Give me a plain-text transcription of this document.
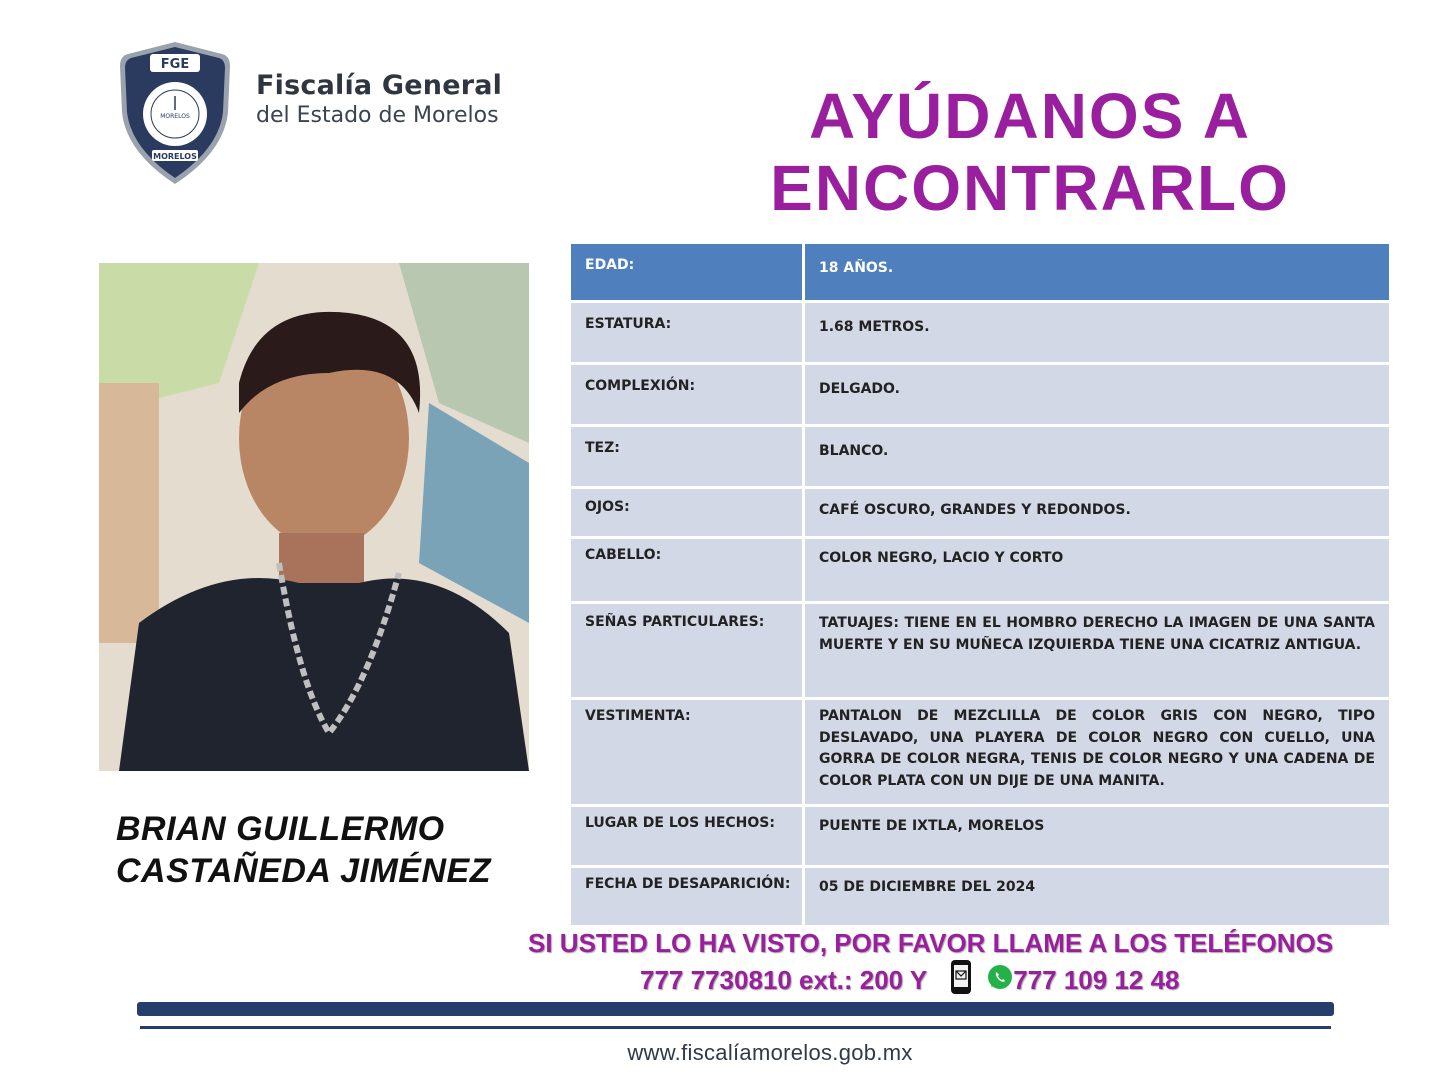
FGE
MORELOS
MORELOS
Fiscalía General
del Estado de Morelos	AYÚDANOS A
ENCONTRARLO
BRIAN GUILLERMO
CASTAÑEDA JIMÉNEZ
EDAD:	18 AÑOS.
ESTATURA:	1.68 METROS.
COMPLEXIÓN:	DELGADO.
TEZ:	BLANCO.
OJOS:	CAFÉ OSCURO, GRANDES Y REDONDOS.
CABELLO:	COLOR NEGRO, LACIO Y CORTO
SEÑAS PARTICULARES:	TATUAJES: TIENE EN EL HOMBRO DERECHO LA IMAGEN DE UNA SANTA MUERTE Y EN SU MUÑECA IZQUIERDA TIENE UNA CICATRIZ ANTIGUA.
VESTIMENTA:	PANTALON DE MEZCLILLA DE COLOR GRIS CON NEGRO, TIPO DESLAVADO, UNA PLAYERA DE COLOR NEGRO CON CUELLO, UNA GORRA DE COLOR NEGRA, TENIS DE COLOR NEGRO Y UNA CADENA DE COLOR PLATA CON UN DIJE DE UNA MANITA.
LUGAR DE LOS HECHOS:	PUENTE DE IXTLA, MORELOS
FECHA DE DESAPARICIÓN:	05 DE DICIEMBRE DEL 2024
SI USTED LO HA VISTO, POR FAVOR LLAME A LOS TELÉFONOS
777 7730810 ext.: 200 Y	777 109 12 48
www.fiscalíamorelos.gob.mx
